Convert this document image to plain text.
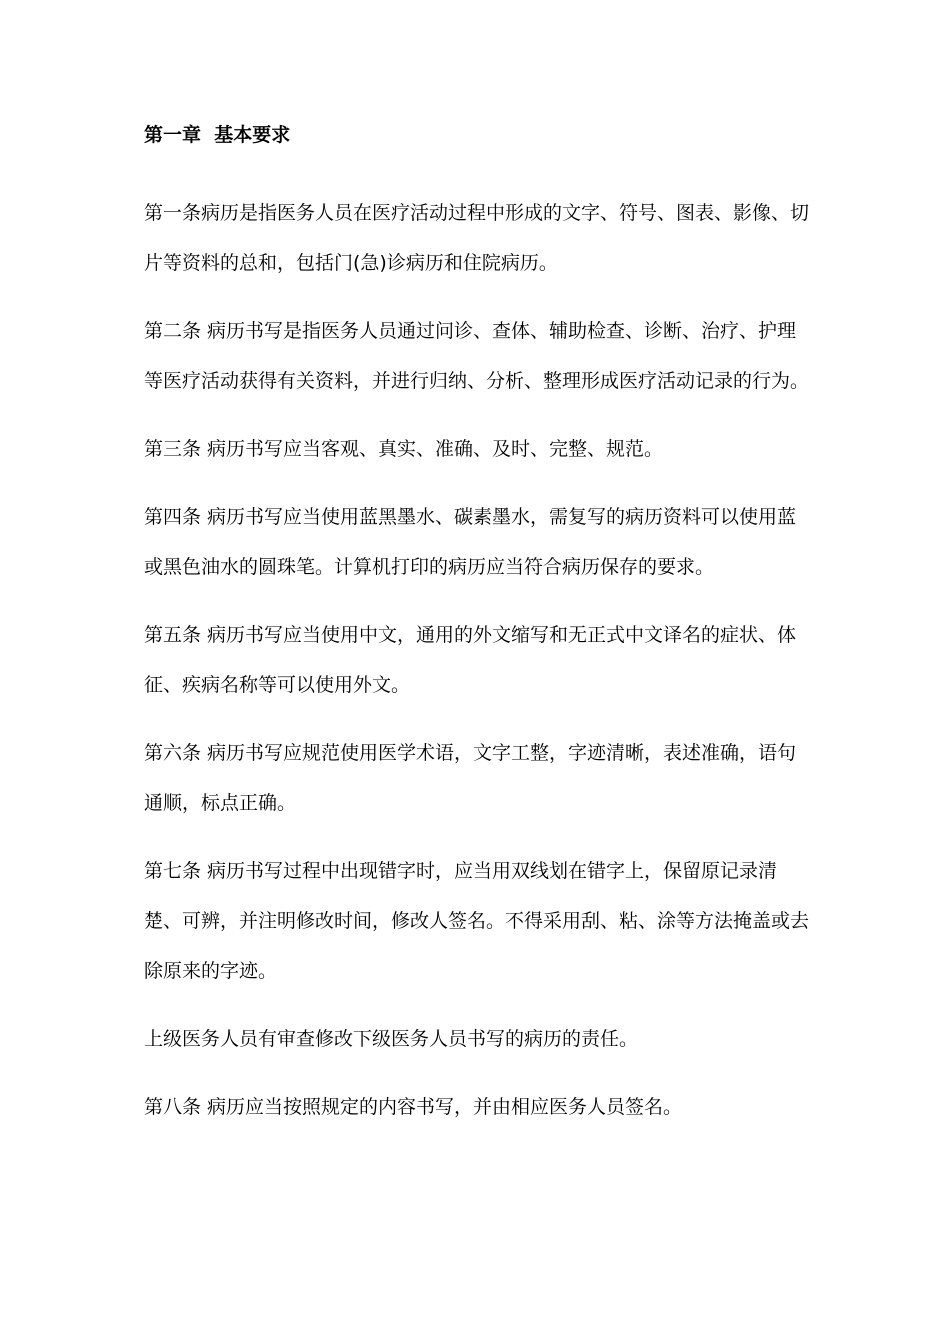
第一章  基本要求

第一条病历是指医务人员在医疗活动过程中形成的文字、符号、图表、影像、切片等资料的总和，包括门(急)诊病历和住院病历。

第二条 病历书写是指医务人员通过问诊、查体、辅助检查、诊断、治疗、护理等医疗活动获得有关资料，并进行归纳、分析、整理形成医疗活动记录的行为。

第三条 病历书写应当客观、真实、准确、及时、完整、规范。

第四条 病历书写应当使用蓝黑墨水、碳素墨水，需复写的病历资料可以使用蓝或黑色油水的圆珠笔。计算机打印的病历应当符合病历保存的要求。

第五条 病历书写应当使用中文，通用的外文缩写和无正式中文译名的症状、体征、疾病名称等可以使用外文。

第六条 病历书写应规范使用医学术语，文字工整，字迹清晰，表述准确，语句通顺，标点正确。

第七条 病历书写过程中出现错字时，应当用双线划在错字上，保留原记录清楚、可辨，并注明修改时间，修改人签名。不得采用刮、粘、涂等方法掩盖或去除原来的字迹。

上级医务人员有审查修改下级医务人员书写的病历的责任。

第八条 病历应当按照规定的内容书写，并由相应医务人员签名。
